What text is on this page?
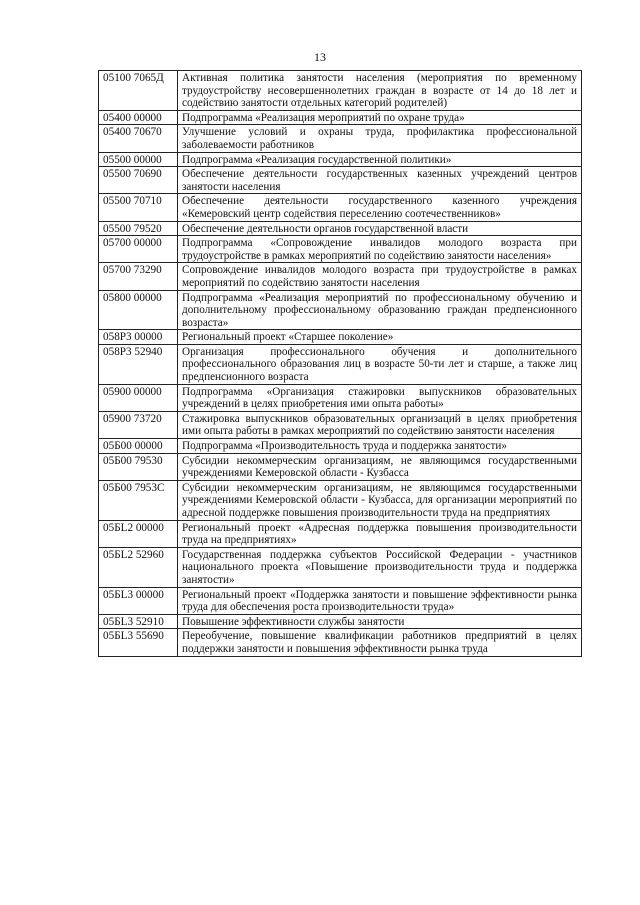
13
05100 7065Д	Активная политика занятости населения (мероприятия по временному трудоустройству несовершеннолетних граждан в возрасте от 14 до 18 лет и содействию занятости отдельных категорий родителей)
05400 00000	Подпрограмма «Реализация мероприятий по охране труда»
05400 70670	Улучшение условий и охраны труда, профилактика профессиональной заболеваемости работников
05500 00000	Подпрограмма «Реализация государственной политики»
05500 70690	Обеспечение деятельности государственных казенных учреждений центров занятости населения
05500 70710	Обеспечение деятельности государственного казенного учреждения «Кемеровский центр содействия переселению соотечественников»
05500 79520	Обеспечение деятельности органов государственной власти
05700 00000	Подпрограмма «Сопровождение инвалидов молодого возраста при трудоустройстве в рамках мероприятий по содействию занятости населения»
05700 73290	Сопровождение инвалидов молодого возраста при трудоустройстве в рамках мероприятий по содействию занятости населения
05800 00000	Подпрограмма «Реализация мероприятий по профессиональному обучению и дополнительному профессиональному образованию граждан предпенсионного возраста»
058Р3 00000	Региональный проект «Старшее поколение»
058Р3 52940	Организация профессионального обучения и дополнительного профессионального образования лиц в возрасте 50-ти лет и старше, а также лиц предпенсионного возраста
05900 00000	Подпрограмма «Организация стажировки выпускников образовательных учреждений в целях приобретения ими опыта работы»
05900 73720	Стажировка выпускников образовательных организаций в целях приобретения ими опыта работы в рамках мероприятий по содействию занятости населения
05Б00 00000	Подпрограмма «Производительность труда и поддержка занятости»
05Б00 79530	Субсидии некоммерческим организациям, не являющимся государственными учреждениями Кемеровской области - Кузбасса
05Б00 7953С	Субсидии некоммерческим организациям, не являющимся государственными учреждениями Кемеровской области - Кузбасса, для организации мероприятий по адресной поддержке повышения производительности труда на предприятиях
05БL2 00000	Региональный проект «Адресная поддержка повышения производительности труда на предприятиях»
05БL2 52960	Государственная поддержка субъектов Российской Федерации - участников национального проекта «Повышение производительности труда и поддержка занятости»
05БL3 00000	Региональный проект «Поддержка занятости и повышение эффективности рынка труда для обеспечения роста производительности труда»
05БL3 52910	Повышение эффективности службы занятости
05БL3 55690	Переобучение, повышение квалификации работников предприятий в целях поддержки занятости и повышения эффективности рынка труда
